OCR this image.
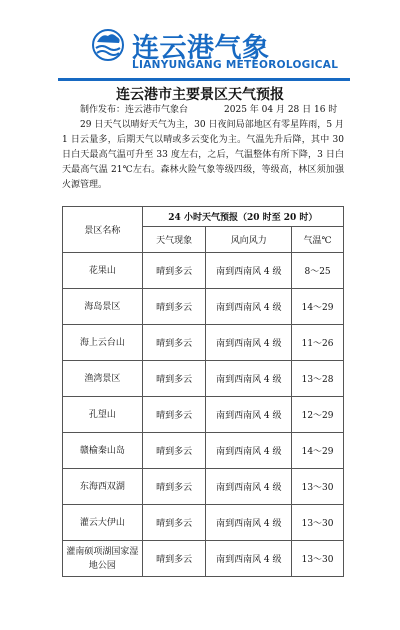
连云港气象
LIANYUNGANG METEOROLOGICAL
连云港市主要景区天气预报
制作发布：连云港市气象台	2025 年 04 月 28 日 16 时

29 日天气以晴好天气为主，30 日夜间局部地区有零星阵雨，5 月 1 日云量多，后期天气以晴或多云变化为主。气温先升后降，其中 30 日白天最高气温可升至 33 度左右，之后，气温整体有所下降，3 日白天最高气温 21℃左右。森林火险气象等级四级，等级高，林区须加强火源管理。

景区名称	24 小时天气预报（20 时至 20 时）		
	天气现象	风向风力	气温℃
花果山	晴到多云	南到西南风 4 级	8～25
海岛景区	晴到多云	南到西南风 4 级	14～29
海上云台山	晴到多云	南到西南风 4 级	11～26
渔湾景区	晴到多云	南到西南风 4 级	13～28
孔望山	晴到多云	南到西南风 4 级	12～29
赣榆秦山岛	晴到多云	南到西南风 4 级	14～29
东海西双湖	晴到多云	南到西南风 4 级	13～30
灌云大伊山	晴到多云	南到西南风 4 级	13～30
灌南硕项湖国家湿地公园	晴到多云	南到西南风 4 级	13～30
